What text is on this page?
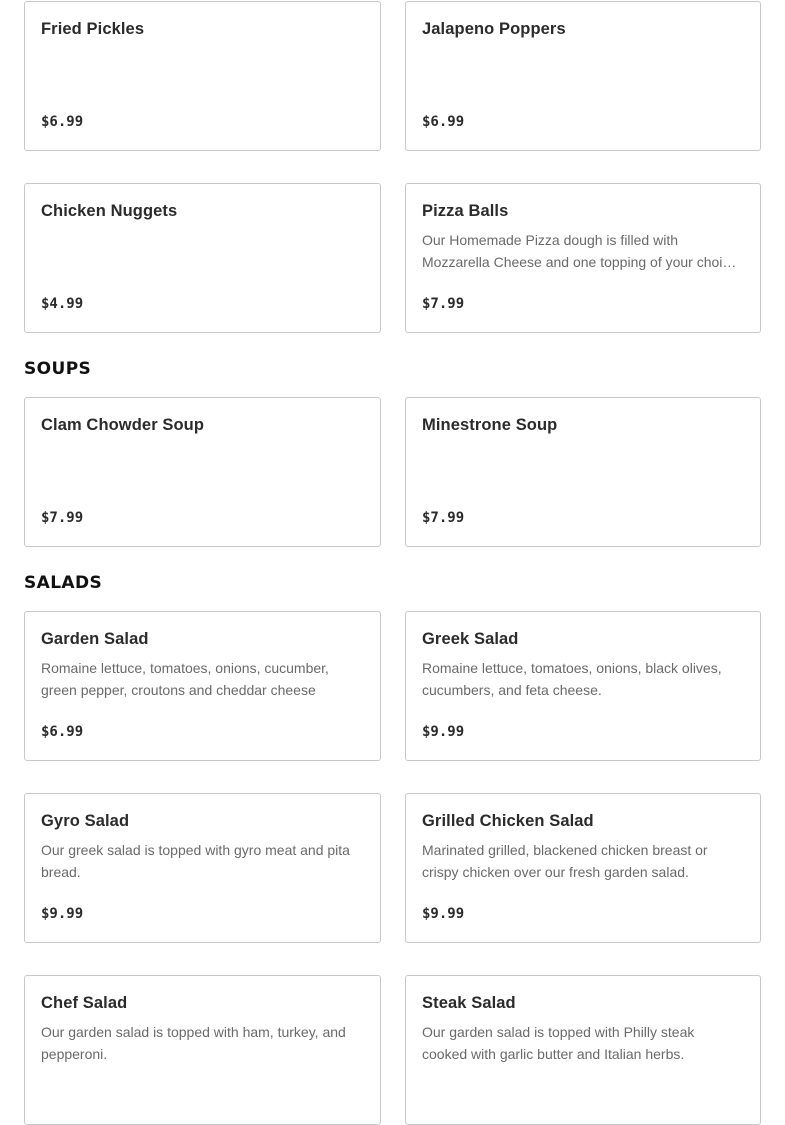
Fried Pickles
$6.99
Jalapeno Poppers
$6.99
Chicken Nuggets
$4.99
Pizza Balls
Our Homemade Pizza dough is filled with Mozzarella Cheese and one topping of your choi…
$7.99
SOUPS
Clam Chowder Soup
$7.99
Minestrone Soup
$7.99
SALADS
Garden Salad
Romaine lettuce, tomatoes, onions, cucumber, green pepper, croutons and cheddar cheese
$6.99
Greek Salad
Romaine lettuce, tomatoes, onions, black olives, cucumbers, and feta cheese.
$9.99
Gyro Salad
Our greek salad is topped with gyro meat and pita bread.
$9.99
Grilled Chicken Salad
Marinated grilled, blackened chicken breast or crispy chicken over our fresh garden salad.
$9.99
Chef Salad
Our garden salad is topped with ham, turkey, and pepperoni.
Steak Salad
Our garden salad is topped with Philly steak cooked with garlic butter and Italian herbs.
